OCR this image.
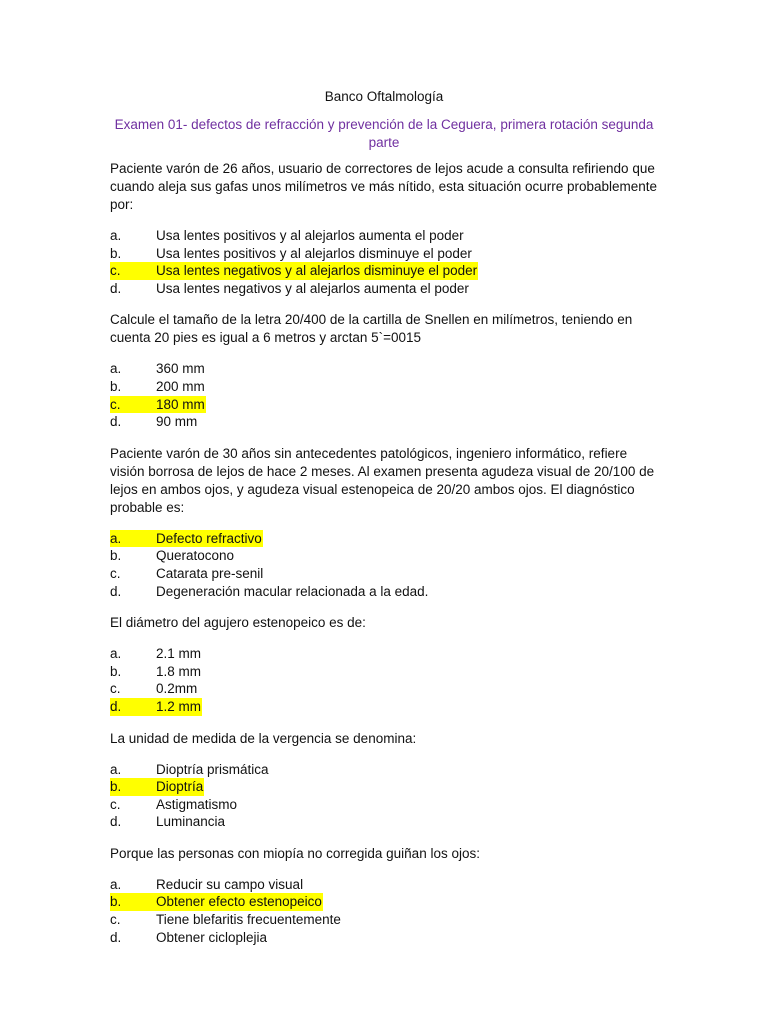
Banco Oftalmología
Examen 01- defectos de refracción y prevención de la Ceguera, primera rotación segunda parte
Paciente varón de 26 años, usuario de correctores de lejos acude a consulta refiriendo que cuando aleja sus gafas unos milímetros ve más nítido, esta situación ocurre probablemente por:
a.	Usa lentes positivos y al alejarlos aumenta el poder
b.	Usa lentes positivos y al alejarlos disminuye el poder
c.	Usa lentes negativos y al alejarlos disminuye el poder
d.	Usa lentes negativos y al alejarlos aumenta el poder
Calcule el tamaño de la letra 20/400 de la cartilla de Snellen en milímetros, teniendo en cuenta 20 pies es igual a 6 metros y arctan 5`=0015
a.	360 mm
b.	200 mm
c.	180 mm
d.	90 mm
Paciente varón de 30 años sin antecedentes patológicos, ingeniero informático, refiere visión borrosa de lejos de hace 2 meses. Al examen presenta agudeza visual de 20/100 de lejos en ambos ojos, y agudeza visual estenopeica de 20/20 ambos ojos. El diagnóstico probable es:
a.	Defecto refractivo
b.	Queratocono
c.	Catarata pre-senil
d.	Degeneración macular relacionada a la edad.
El diámetro del agujero estenopeico es de:
a.	2.1 mm
b.	1.8 mm
c.	0.2mm
d.	1.2 mm
La unidad de medida de la vergencia se denomina:
a.	Dioptría prismática
b.	Dioptría
c.	Astigmatismo
d.	Luminancia
Porque las personas con miopía no corregida guiñan los ojos:
a.	Reducir su campo visual
b.	Obtener efecto estenopeico
c.	Tiene blefaritis frecuentemente
d.	Obtener cicloplejia
